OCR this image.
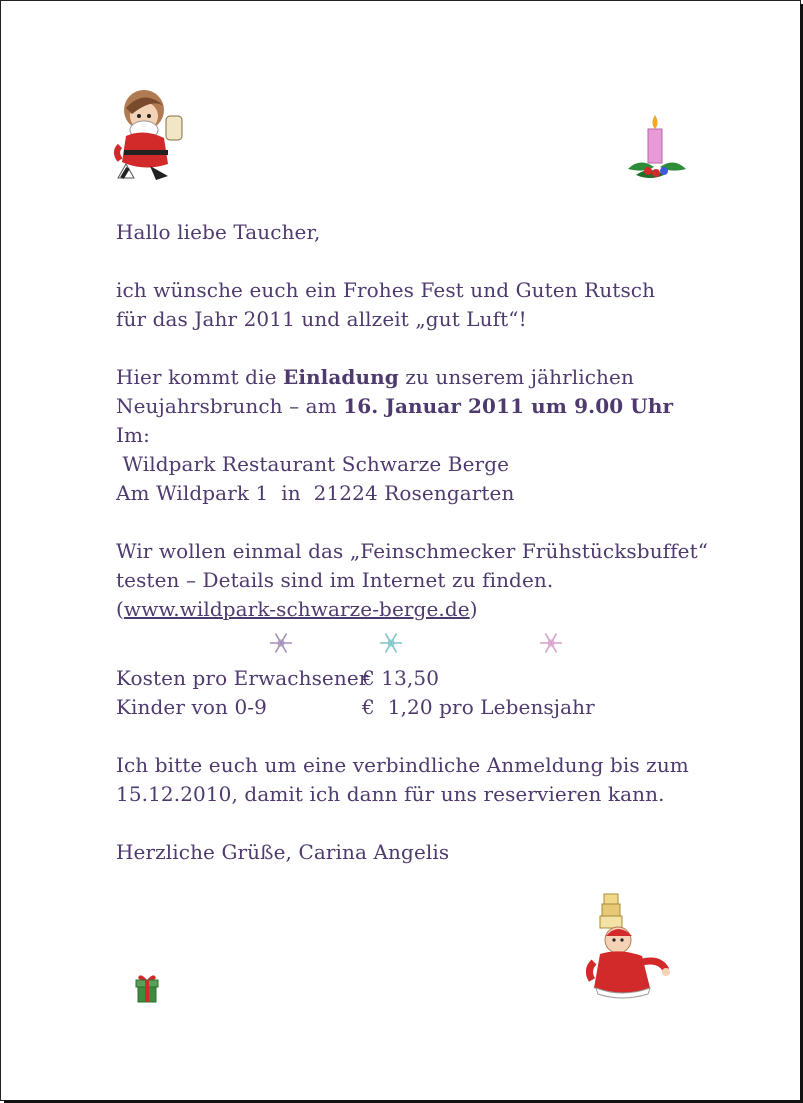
Hallo liebe Taucher,

ich wünsche euch ein Frohes Fest und Guten Rutsch

für das Jahr 2011 und allzeit „gut Luft“!

Hier kommt die Einladung zu unserem jährlichen

Neujahrsbrunch – am 16. Januar 2011 um 9.00 Uhr

Im:

Wildpark Restaurant Schwarze Berge

Am Wildpark 1  in  21224 Rosengarten

Wir wollen einmal das „Feinschmecker Frühstücksbuffet“

testen – Details sind im Internet zu finden.

(www.wildpark-schwarze-berge.de)

Kosten pro Erwachsener
€ 13,50
Kinder von 0-9	€  1,20 pro Lebensjahr

Ich bitte euch um eine verbindliche Anmeldung bis zum

15.12.2010, damit ich dann für uns reservieren kann.

Herzliche Grüße, Carina Angelis
